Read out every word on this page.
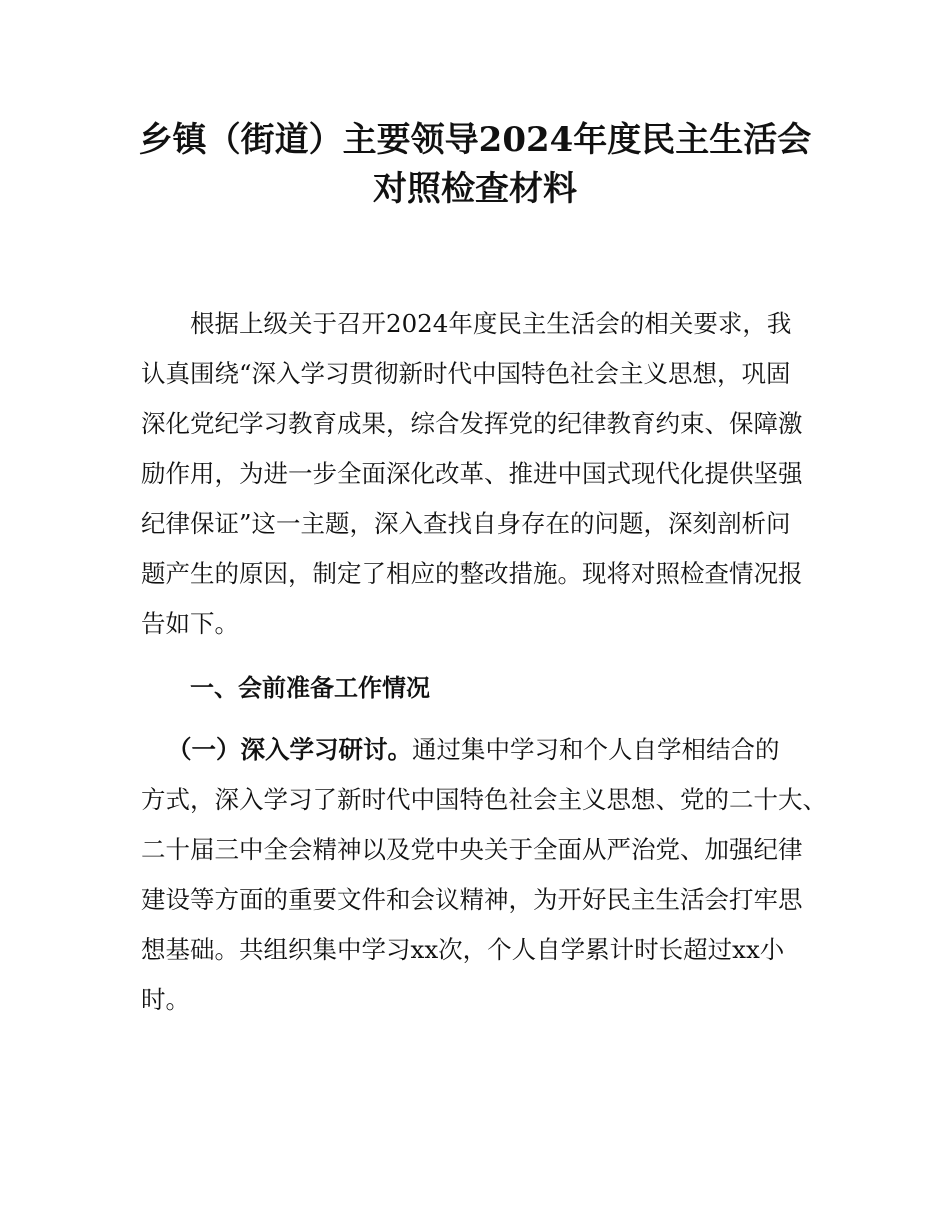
乡镇（街道）主要领导2024年度民主生活会
对照检查材料
根据上级关于召开2024年度民主生活会的相关要求，我
认真围绕“深入学习贯彻新时代中国特色社会主义思想，巩固
深化党纪学习教育成果，综合发挥党的纪律教育约束、保障激
励作用，为进一步全面深化改革、推进中国式现代化提供坚强
纪律保证”这一主题，深入查找自身存在的问题，深刻剖析问
题产生的原因，制定了相应的整改措施。现将对照检查情况报
告如下。
一、会前准备工作情况
（一）深入学习研讨。通过集中学习和个人自学相结合的
方式，深入学习了新时代中国特色社会主义思想、党的二十大、
二十届三中全会精神以及党中央关于全面从严治党、加强纪律
建设等方面的重要文件和会议精神，为开好民主生活会打牢思
想基础。共组织集中学习xx次，个人自学累计时长超过xx小
时。
